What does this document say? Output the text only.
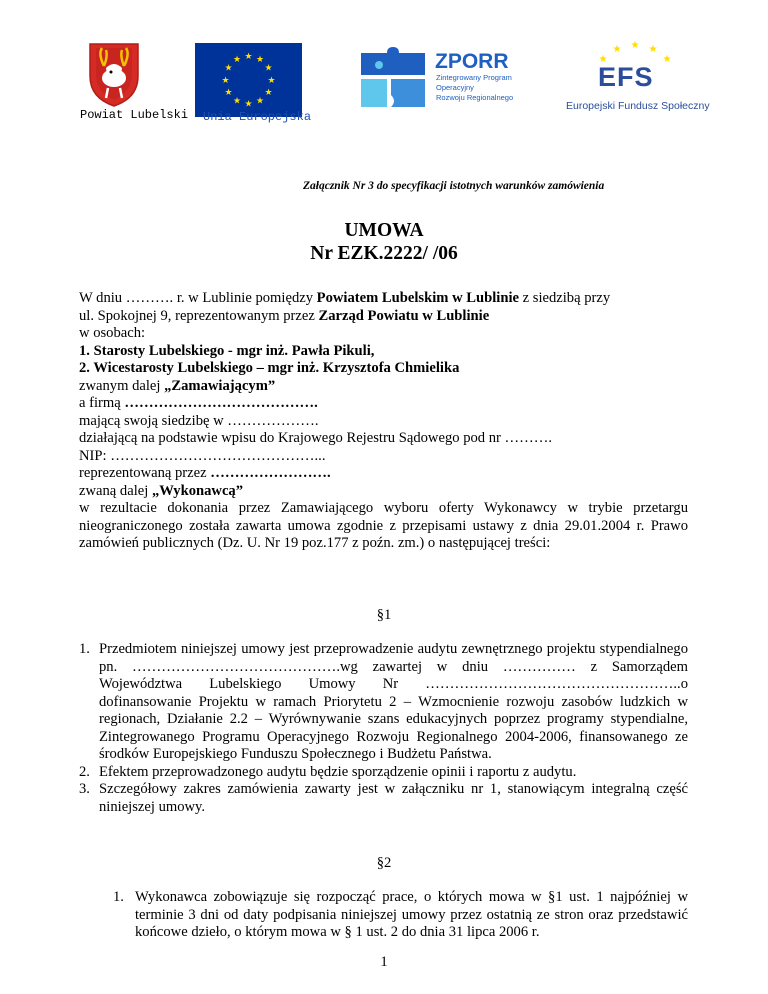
Powiat Lubelski
★ ★
★
★
★
★
★
★
★
★
★
★
Unia Europejska
ZPORR
Zintegrowany Program
Operacyjny
Rozwoju Regionalnego
★
★ ★ ★
★
EFS
Europejski Fundusz Społeczny
Załącznik Nr 3 do specyfikacji istotnych warunków zamówienia
UMOWA
Nr EZK.2222/ /06

W dniu ………. r. w Lublinie pomiędzy Powiatem Lubelskim w Lublinie z siedzibą przy

ul. Spokojnej 9, reprezentowanym przez Zarząd Powiatu w Lublinie

w osobach:

1. Starosty Lubelskiego - mgr inż. Pawła Pikuli,

2. Wicestarosty Lubelskiego – mgr inż. Krzysztofa Chmielika

zwanym dalej „Zamawiającym”

a firmą ………………………………….

mającą swoją siedzibę w ……………….

działającą na podstawie wpisu do Krajowego Rejestru Sądowego pod nr ……….

NIP: ……………………………………...

reprezentowaną przez …………………….

zwaną dalej „Wykonawcą”

w rezultacie dokonania przez Zamawiającego wyboru oferty Wykonawcy w trybie przetargu nieograniczonego została zawarta umowa zgodnie z przepisami ustawy z dnia 29.01.2004 r. Prawo zamówień publicznych (Dz. U. Nr 19 poz.177 z poźn. zm.) o następującej treści:

§1
1. Przedmiotem niniejszej umowy jest przeprowadzenie audytu zewnętrznego projektu stypendialnego pn. …………………………………….wg zawartej w dniu …………… z Samorządem Województwa Lubelskiego Umowy Nr ……………………………………………..o dofinansowanie Projektu w ramach Priorytetu 2 – Wzmocnienie rozwoju zasobów ludzkich w regionach, Działanie 2.2 – Wyrównywanie szans edukacyjnych poprzez programy stypendialne, Zintegrowanego Programu Operacyjnego Rozwoju Regionalnego 2004-2006, finansowanego ze środków Europejskiego Funduszu Społecznego i Budżetu Państwa.
2. Efektem przeprowadzonego audytu będzie sporządzenie opinii i raportu z audytu.
3. Szczegółowy zakres zamówienia zawarty jest w załączniku nr 1, stanowiącym integralną część niniejszej umowy.
§2
1. Wykonawca zobowiązuje się rozpocząć prace, o których mowa w §1 ust. 1 najpóźniej w terminie 3 dni od daty podpisania niniejszej umowy przez ostatnią ze stron oraz przedstawić końcowe dzieło, o którym mowa w § 1 ust. 2 do dnia 31 lipca 2006 r.
1
